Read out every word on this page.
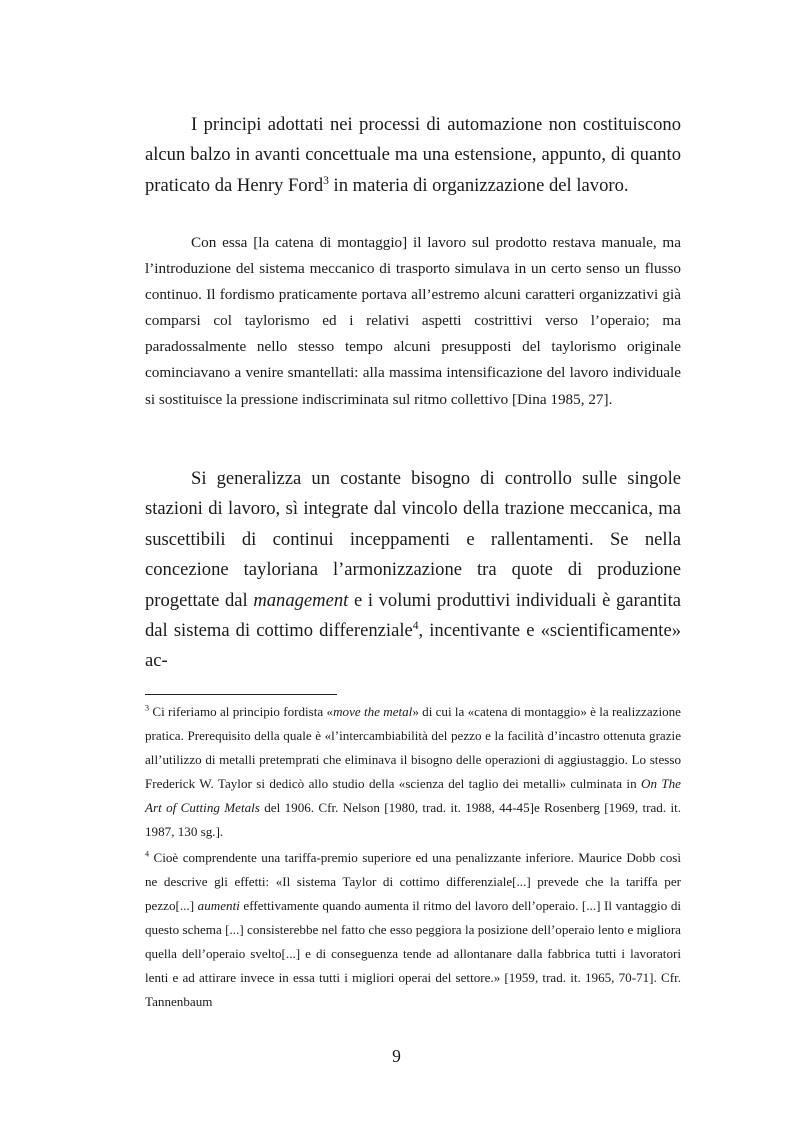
I principi adottati nei processi di automazione non costituiscono alcun balzo in avanti concettuale ma una estensione, appunto, di quanto praticato da Henry Ford$^3$ in materia di organizzazione del lavoro.

Con essa [la catena di montaggio] il lavoro sul prodotto restava manuale, ma l’introduzione del sistema meccanico di trasporto simulava in un certo senso un flusso continuo. Il fordismo praticamente portava all’estremo alcuni caratteri organizzativi già comparsi col taylorismo ed i relativi aspetti costrittivi verso l’operaio; ma paradossalmente nello stesso tempo alcuni presupposti del taylorismo originale cominciavano a venire smantellati: alla massima intensificazione del lavoro individuale si sostituisce la pressione indiscriminata sul ritmo collettivo [Dina 1985, 27].

Si generalizza un costante bisogno di controllo sulle singole stazioni di lavoro, sì integrate dal vincolo della trazione meccanica, ma suscettibili di continui inceppamenti e rallentamenti. Se nella concezione tayloriana l’armonizzazione tra quote di produzione progettate dal management e i volumi produttivi individuali è garantita dal sistema di cottimo differenziale$^4$, incentivante e «scientificamente» ac-

$^3$ Ci riferiamo al principio fordista «move the metal» di cui la «catena di montaggio» è la realizzazione pratica. Prerequisito della quale è «l’intercambiabilità del pezzo e la facilità d’incastro ottenuta grazie all’utilizzo di metalli pretemprati che eliminava il bisogno delle operazioni di aggiustaggio. Lo stesso Frederick W. Taylor si dedicò allo studio della «scienza del taglio dei metalli» culminata in On The Art of Cutting Metals del 1906. Cfr. Nelson [1980, trad. it. 1988, 44-45]e Rosenberg [1969, trad. it. 1987, 130 sg.].

$^4$ Cioè comprendente una tariffa-premio superiore ed una penalizzante inferiore. Maurice Dobb così ne descrive gli effetti: «Il sistema Taylor di cottimo differenziale[...] prevede che la tariffa per pezzo[...] aumenti effettivamente quando aumenta il ritmo del lavoro dell’operaio. [...] Il vantaggio di questo schema [...] consisterebbe nel fatto che esso peggiora la posizione dell’operaio lento e migliora quella dell’operaio svelto[...] e di conseguenza tende ad allontanare dalla fabbrica tutti i lavoratori lenti e ad attirare invece in essa tutti i migliori operai del settore.» [1959, trad. it. 1965, 70-71]. Cfr. Tannenbaum

9
